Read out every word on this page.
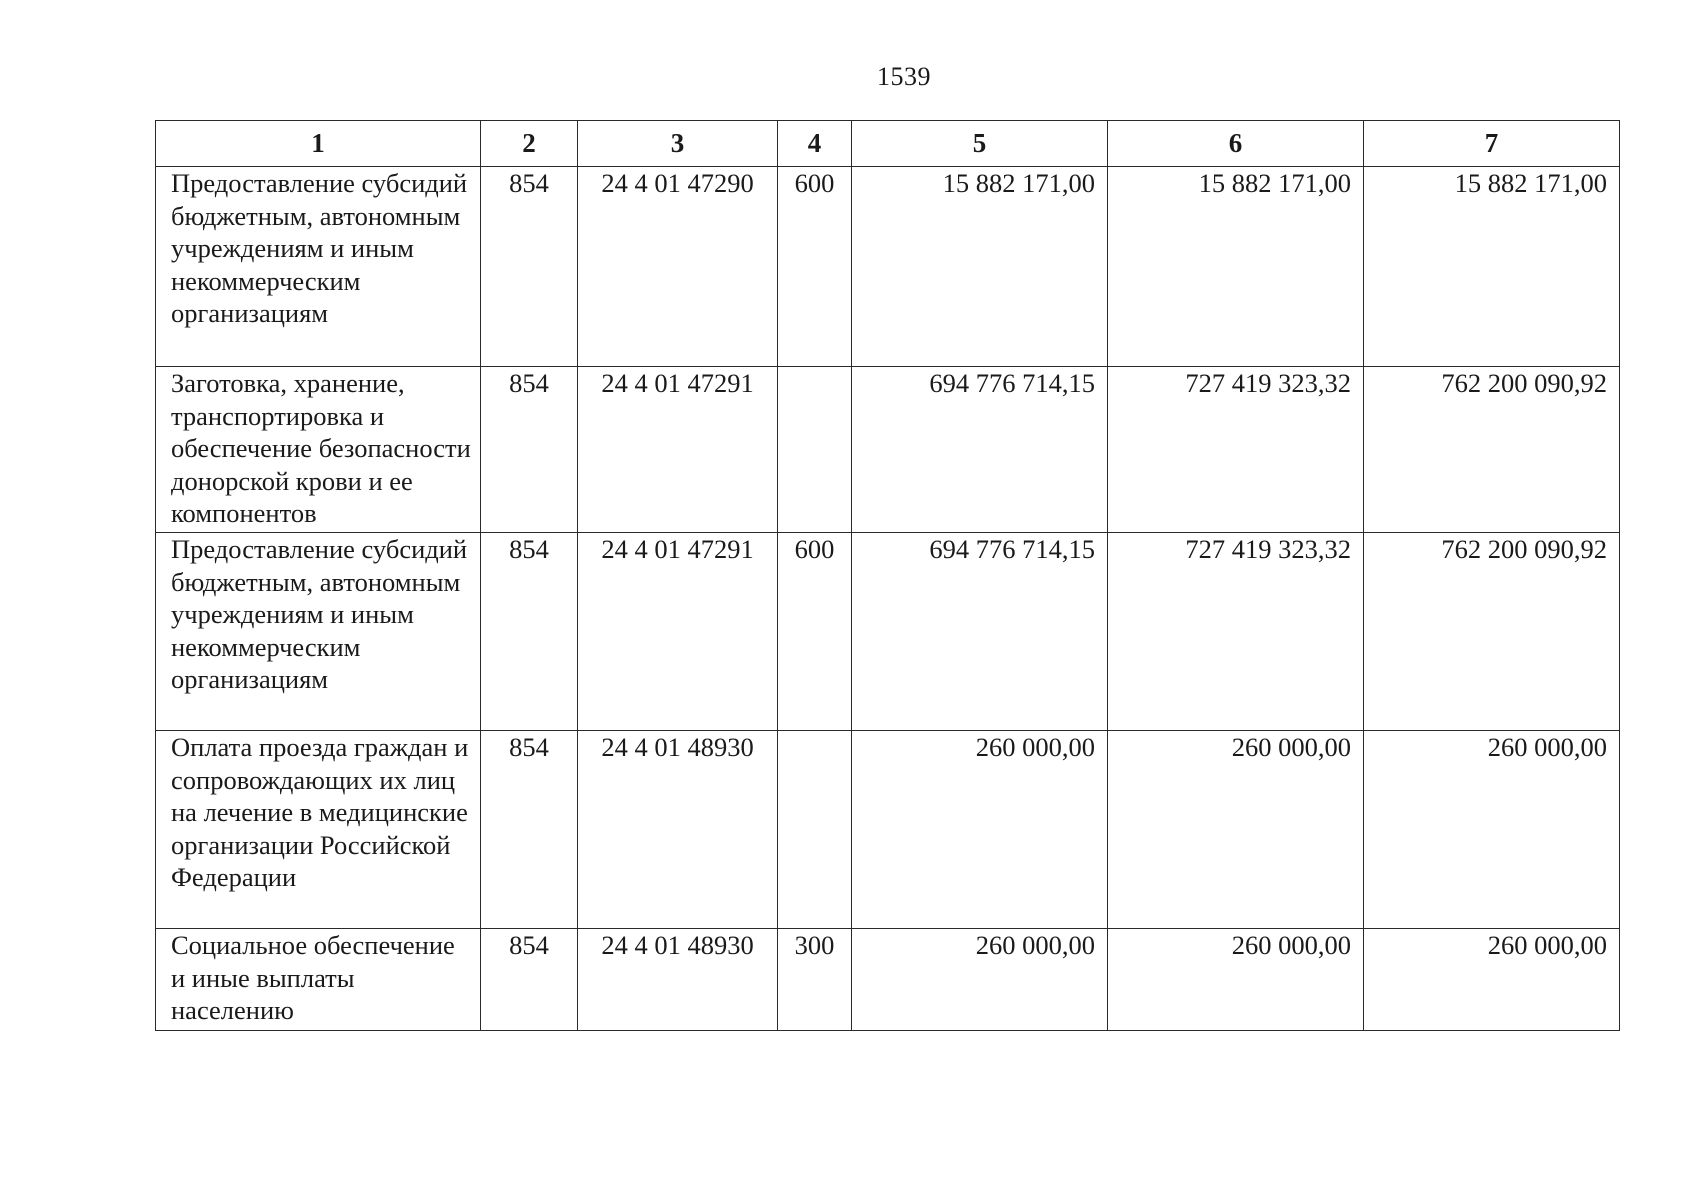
1539
1	2	3	4	5	6	7
Предоставление субсидий бюджетным, автономным учреждениям и иным некоммерческим организациям	854	24 4 01 47290	600	15 882 171,00	15 882 171,00	15 882 171,00
Заготовка, хранение, транспортировка и обеспечение безопасности донорской крови и ее компонентов	854	24 4 01 47291		694 776 714,15	727 419 323,32	762 200 090,92
Предоставление субсидий бюджетным, автономным учреждениям и иным некоммерческим организациям	854	24 4 01 47291	600	694 776 714,15	727 419 323,32	762 200 090,92
Оплата проезда граждан и сопровождающих их лиц на лечение в медицинские организации Российской Федерации	854	24 4 01 48930		260 000,00	260 000,00	260 000,00
Социальное обеспечение и иные выплаты населению	854	24 4 01 48930	300	260 000,00	260 000,00	260 000,00
